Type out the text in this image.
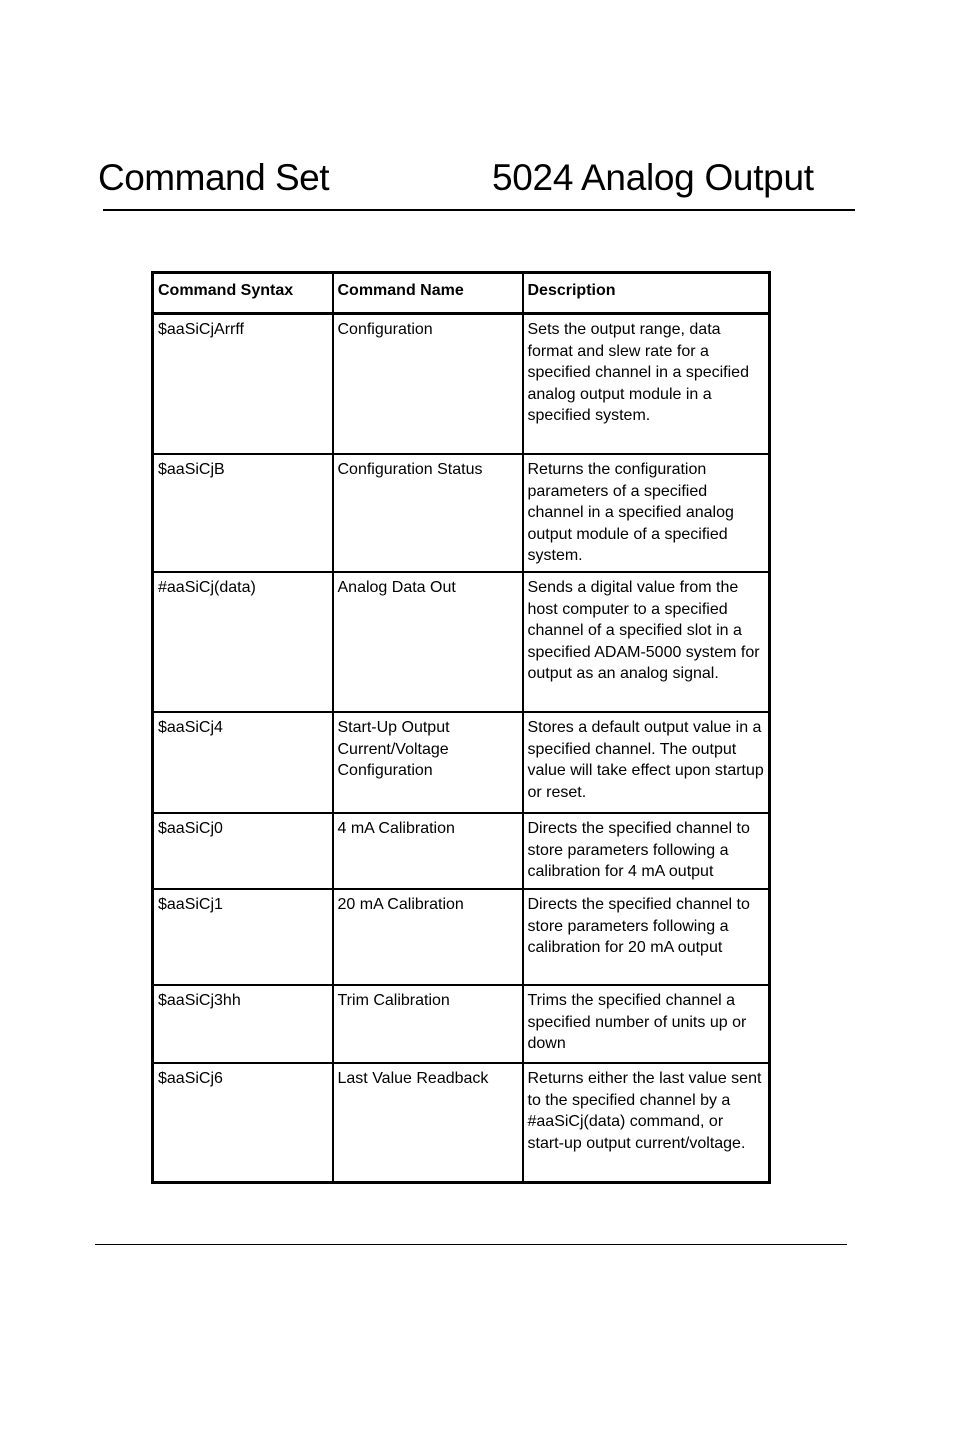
Command Set	5024 Analog Output
Command Syntax	Command Name	Description
$aaSiCjArrff	Configuration	Sets the output range, data format and slew rate for a specified channel in a specified analog output module in a specified system.
$aaSiCjB	Configuration Status	Returns the configuration parameters of a specified channel in a specified analog output module of a specified system.
#aaSiCj(data)	Analog Data Out	Sends a digital value from the host computer to a specified channel of a specified slot in a specified ADAM-5000 system for output as an analog signal.
$aaSiCj4	Start-Up Output Current/Voltage Configuration	Stores a default output value in a specified channel. The output value will take effect upon startup or reset.
$aaSiCj0	4 mA Calibration	Directs the specified channel to store parameters following a calibration for 4 mA output
$aaSiCj1	20 mA Calibration	Directs the specified channel to store parameters following a calibration for 20 mA output
$aaSiCj3hh	Trim Calibration	Trims the specified channel a specified number of units up or down
$aaSiCj6	Last Value Readback	Returns either the last value sent to the specified channel by a #aaSiCj(data) command, or start-up output current/voltage.
